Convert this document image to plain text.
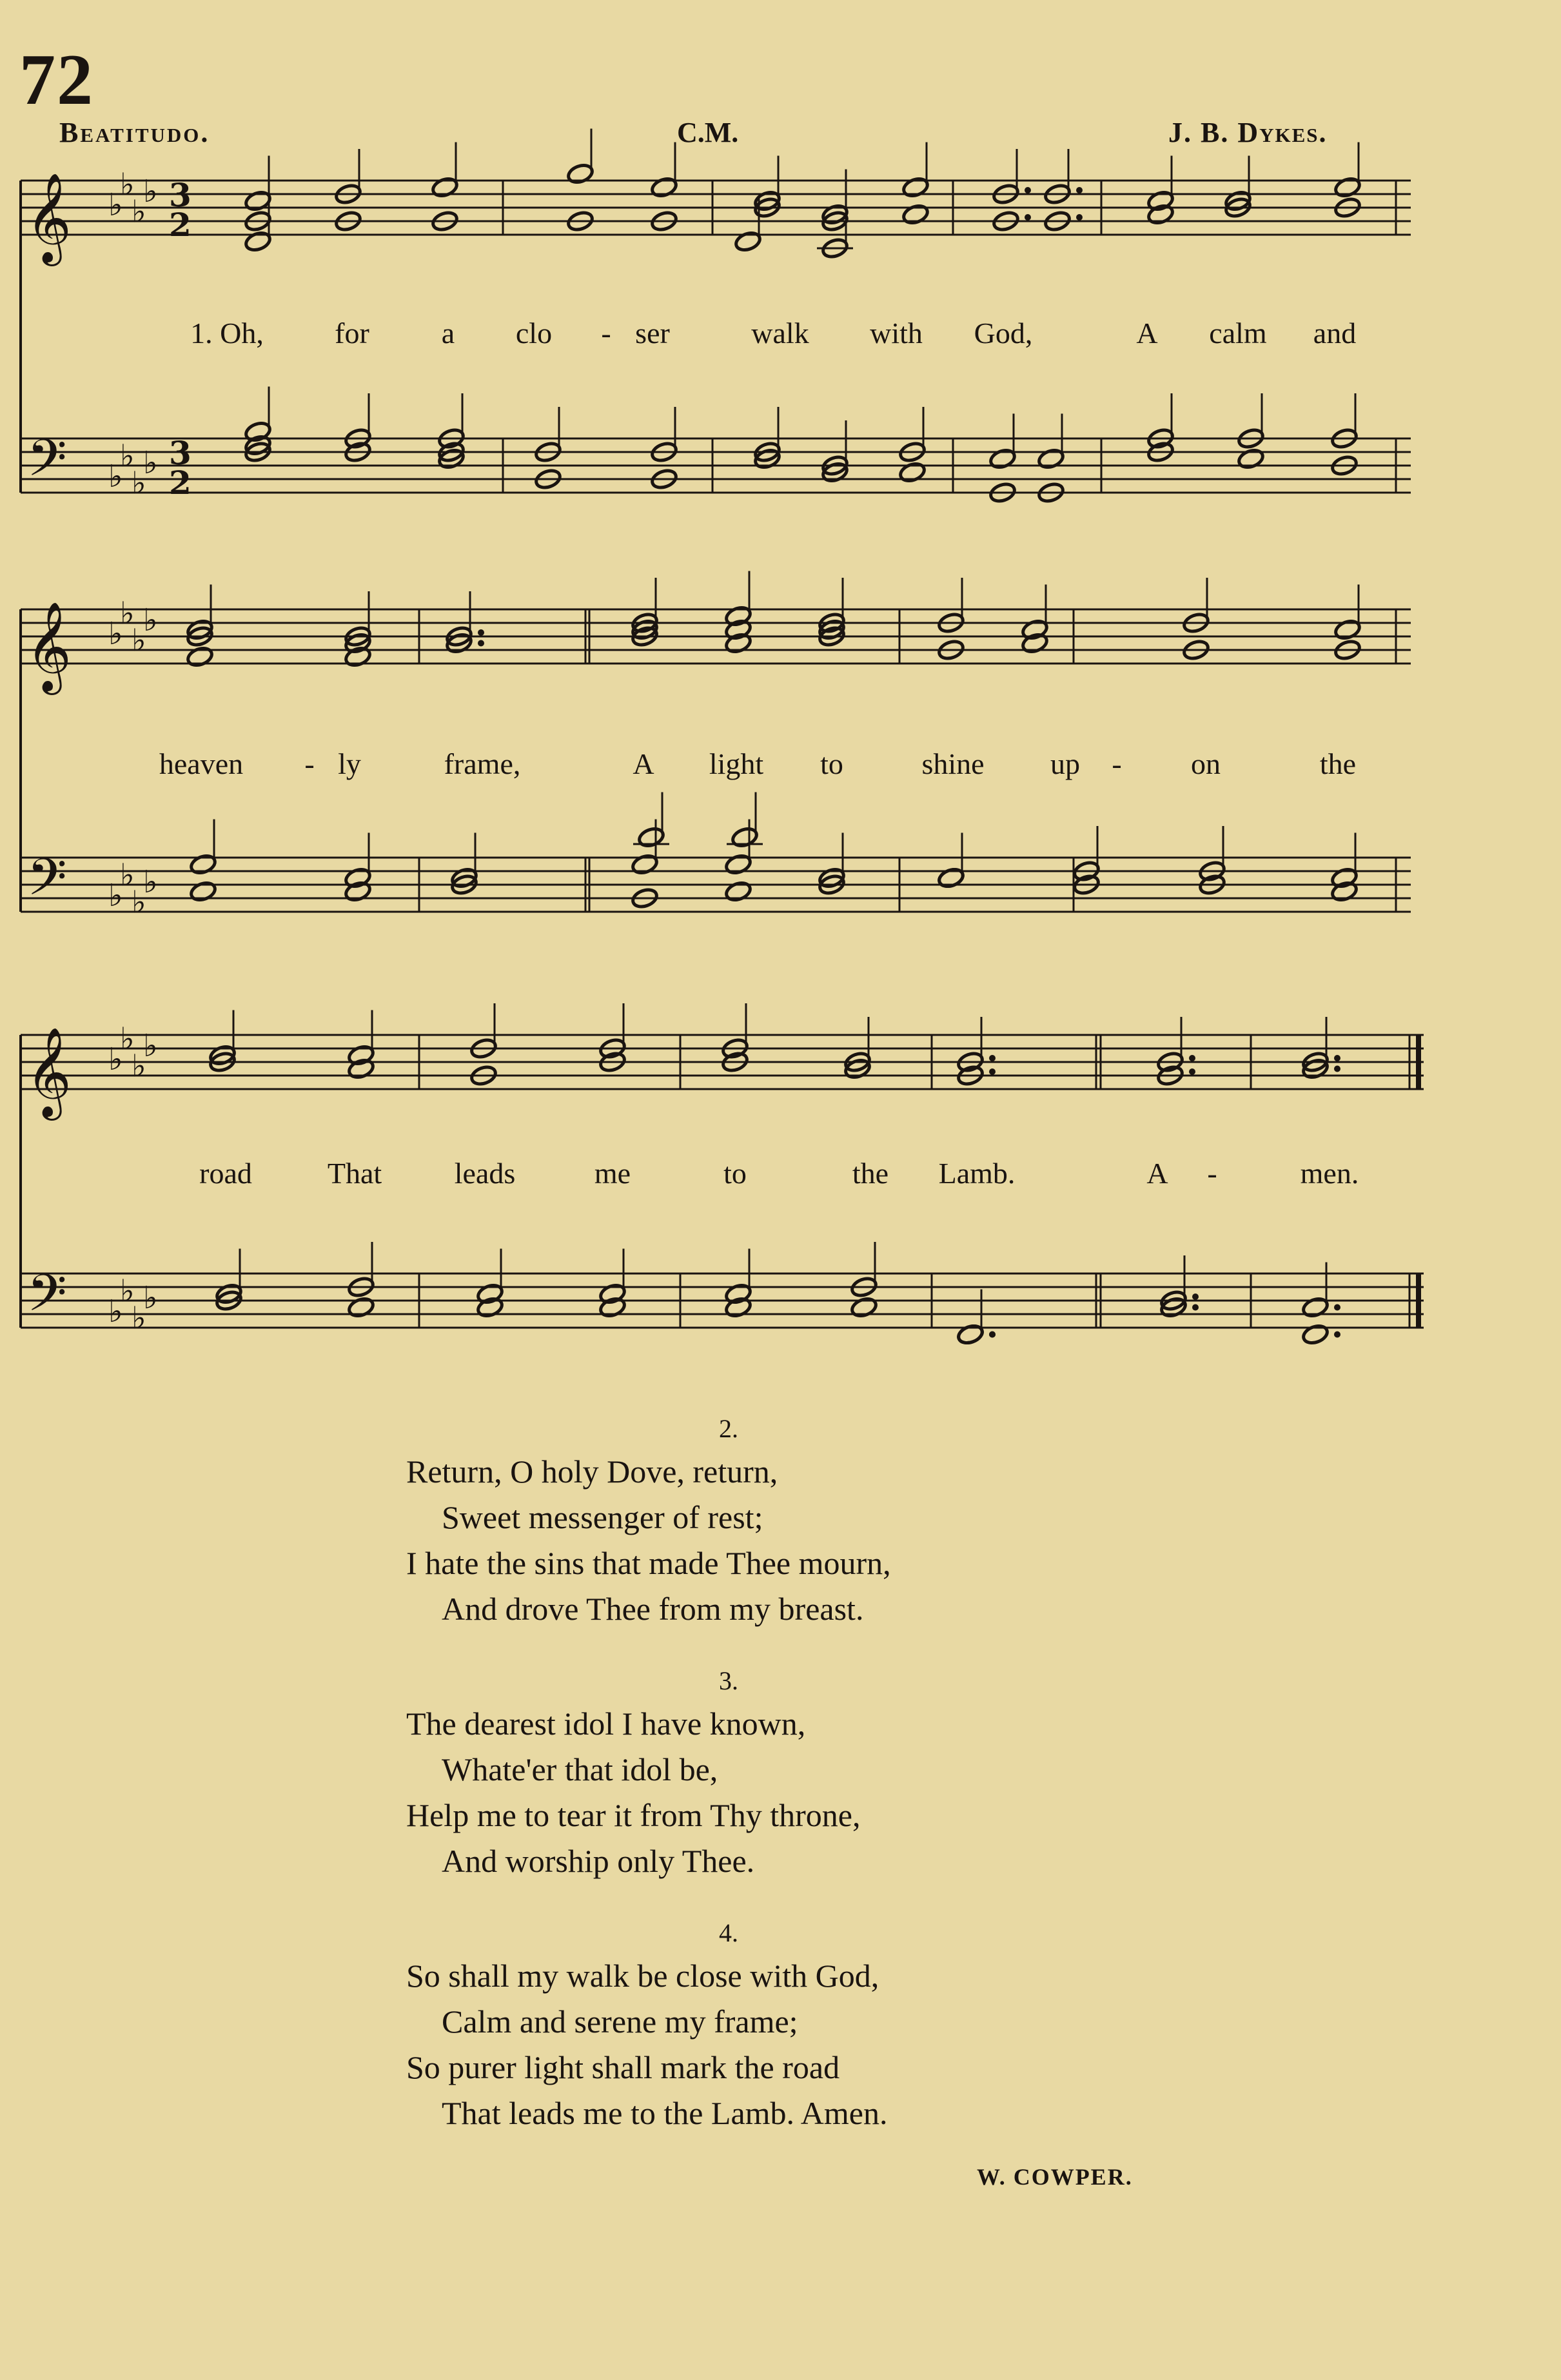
72
Beatitudo.	C.M.	J. B. Dykes.
𝄞
𝄢
♭
♭
♭
♭
♭
♭
♭
♭
3
2
3
2
1. Oh, for a clo - ser	walk with God,	A calm and
𝄞
𝄢
♭
♭
♭
♭
♭
♭
♭
♭
heaven - ly	frame,	A light to	shine up - on	the
𝄞
𝄢
♭
♭
♭
♭
♭
♭
♭
♭
road	That leads	me	to	the Lamb.	A -	men.
2.
Return, O holy Dove, return,
Sweet messenger of rest;
I hate the sins that made Thee mourn,
And drove Thee from my breast.
3.
The dearest idol I have known,
Whate'er that idol be,
Help me to tear it from Thy throne,
And worship only Thee.
4.
So shall my walk be close with God,
Calm and serene my frame;
So purer light shall mark the road
That leads me to the Lamb. Amen.
W. COWPER.
